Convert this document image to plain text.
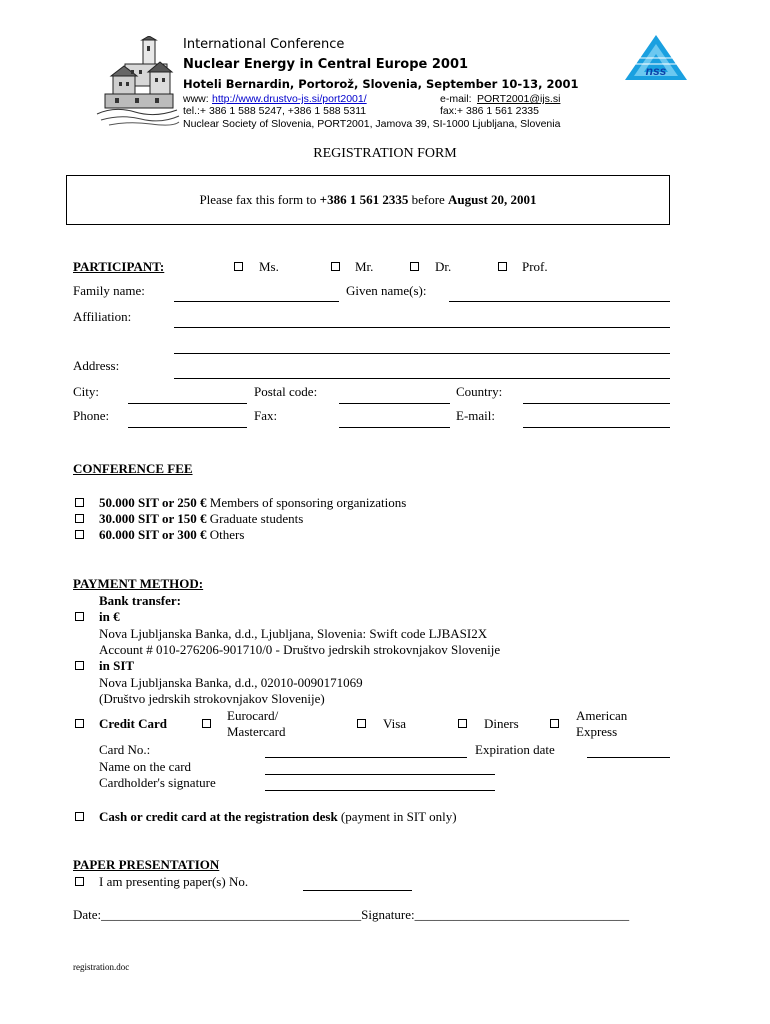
International Conference
Nuclear Energy in Central Europe 2001
Hoteli Bernardin, Portorož, Slovenia, September 10-13, 2001
www: http://www.drustvo-js.si/port2001/	e-mail: PORT2001@ijs.si
tel.:+ 386 1 588 5247, +386 1 588 5311	fax:+ 386 1 561 2335
Nuclear Society of Slovenia, PORT2001, Jamova 39, SI-1000 Ljubljana, Slovenia
nss
REGISTRATION FORM
Please fax this form to +386 1 561 2335 before August 20, 2001
PARTICIPANT:	Ms.	Mr.	Dr.	Prof.
Family name:	Given name(s):
Affiliation:
Address:
City:	Postal code:	Country:
Phone:	Fax:	E-mail:
CONFERENCE FEE
50.000 SIT or 250 € Members of sponsoring organizations
30.000 SIT or 150 € Graduate students
60.000 SIT or 300 € Others
PAYMENT METHOD:
Bank transfer:
in €
Nova Ljubljanska Banka, d.d., Ljubljana, Slovenia: Swift code LJBASI2X
Account # 010-276206-901710/0 - Društvo jedrskih strokovnjakov Slovenije
in SIT
Nova Ljubljanska Banka, d.d., 02010-0090171069
(Društvo jedrskih strokovnjakov Slovenije)
Credit Card
Eurocard/
Mastercard
Visa	Diners
American
Express
Card No.:	Expiration date
Name on the card
Cardholder's signature
Cash or credit card at the registration desk (payment in SIT only)
PAPER PRESENTATION
I am presenting paper(s) No.
Date:________________________________________Signature:_________________________________
registration.doc
